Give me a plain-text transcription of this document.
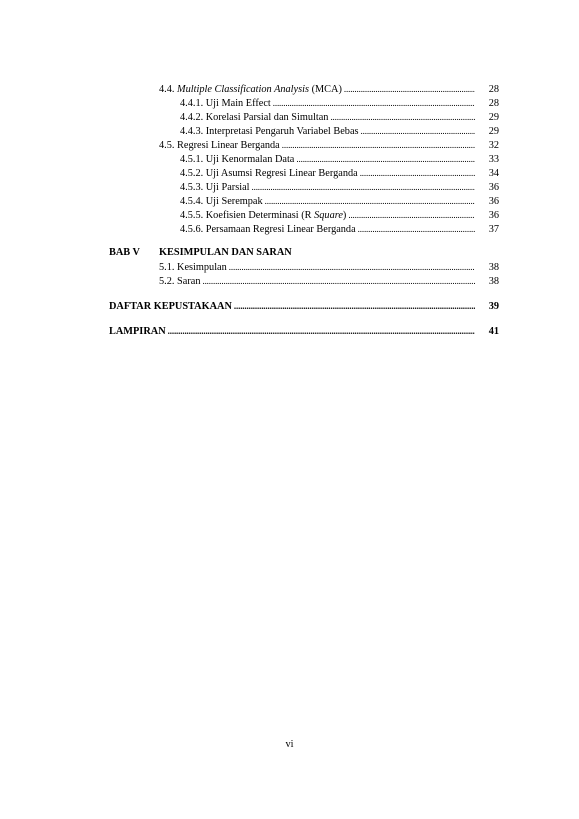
4.4. Multiple Classification Analysis (MCA) . . .	28
4.4.1. Uji Main Effect . . .	28
4.4.2. Korelasi Parsial dan Simultan . . .	29
4.4.3. Interpretasi Pengaruh Variabel Bebas . . .	29
4.5. Regresi Linear Berganda . . .	32
4.5.1. Uji Kenormalan Data . . .	33
4.5.2. Uji Asumsi Regresi Linear Berganda . . .	34
4.5.3. Uji Parsial . . .	36
4.5.4. Uji Serempak . . .	36
4.5.5. Koefisien Determinasi (R Square) . . .	36
4.5.6. Persamaan Regresi Linear Berganda . . .	37
BAB V KESIMPULAN DAN SARAN
5.1. Kesimpulan . . .	38
5.2. Saran . . .	38
DAFTAR KEPUSTAKAAN . . .	39
LAMPIRAN . . .	41
vi
